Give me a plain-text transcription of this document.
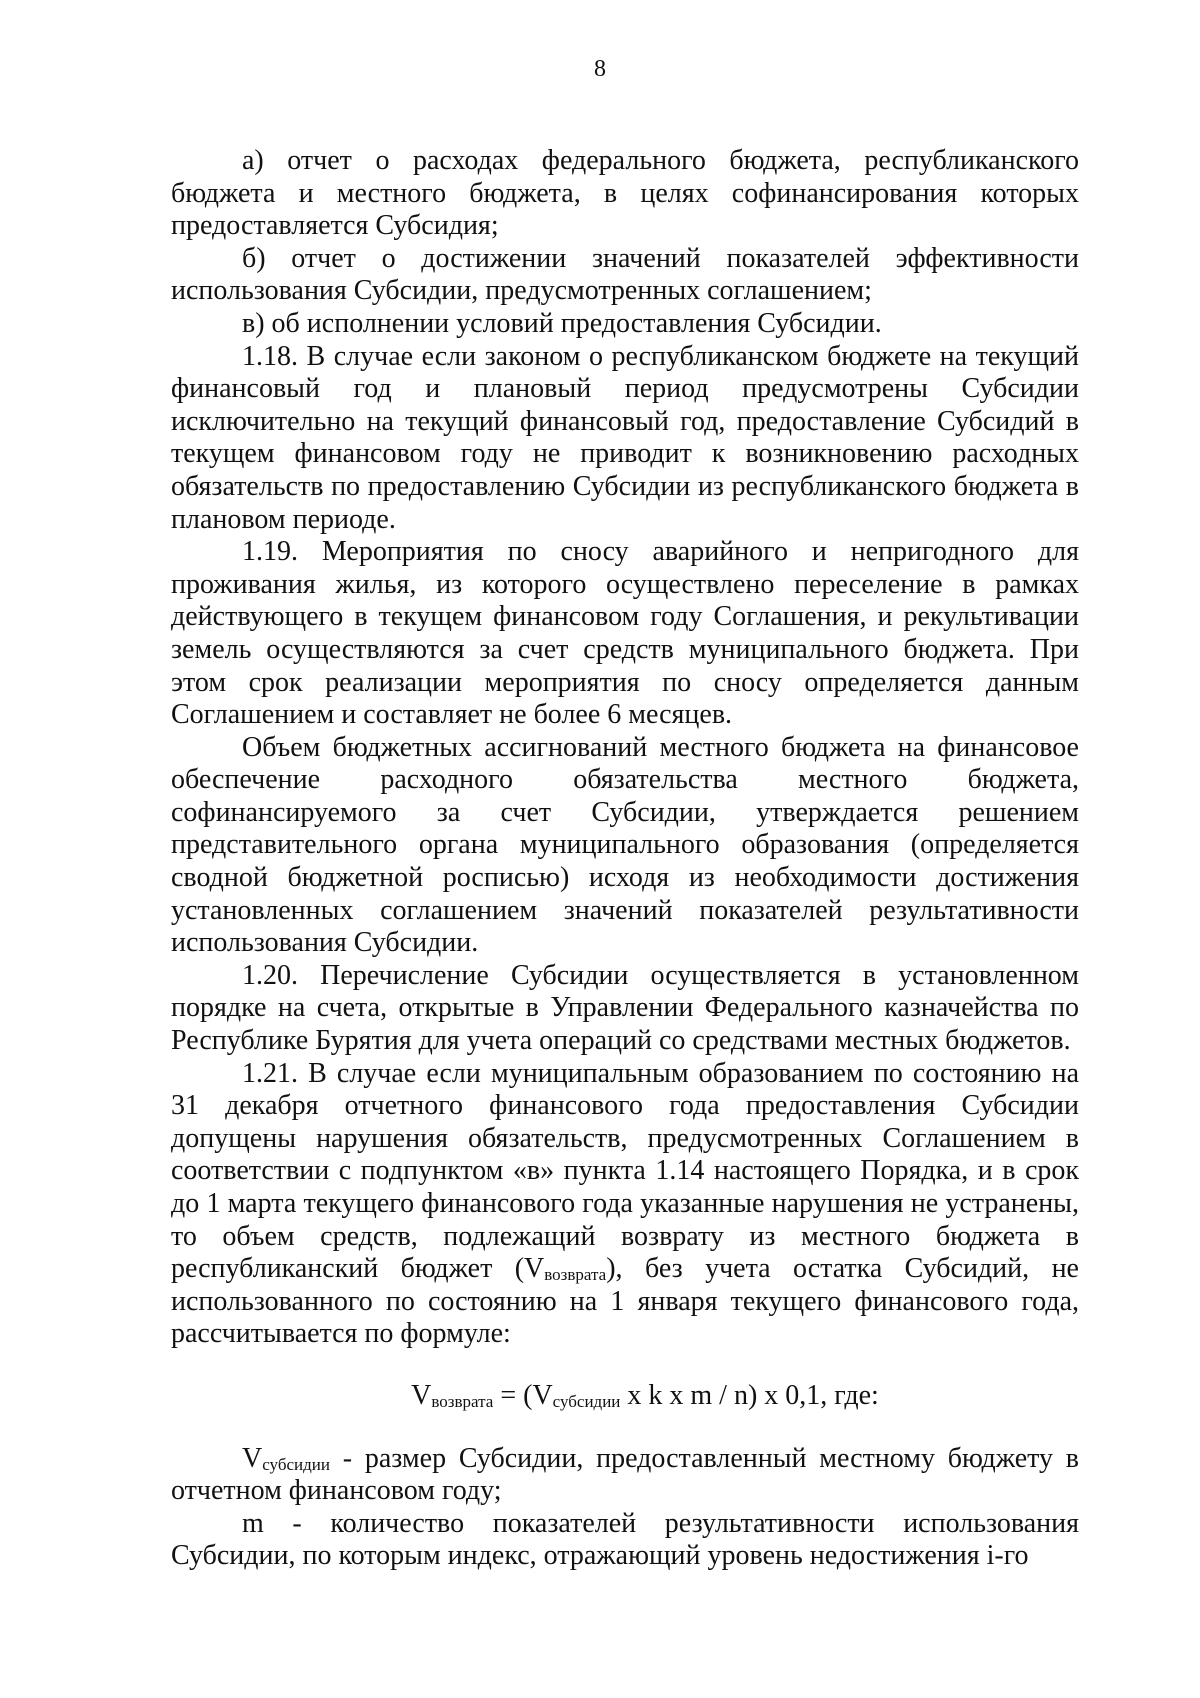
8

а) отчет о расходах федерального бюджета, республиканского бюджета и местного бюджета, в целях софинансирования которых предоставляется Субсидия;

б) отчет о достижении значений показателей эффективности использования Субсидии, предусмотренных соглашением;

в) об исполнении условий предоставления Субсидии.

1.18. В случае если законом о республиканском бюджете на текущий финансовый год и плановый период предусмотрены Субсидии исключительно на текущий финансовый год, предоставление Субсидий в текущем финансовом году не приводит к возникновению расходных обязательств по предоставлению Субсидии из республиканского бюджета в плановом периоде.

1.19. Мероприятия по сносу аварийного и непригодного для проживания жилья, из которого осуществлено переселение в рамках действующего в текущем финансовом году Соглашения, и рекультивации земель осуществляются за счет средств муниципального бюджета. При этом срок реализации мероприятия по сносу определяется данным Соглашением и составляет не более 6 месяцев.

Объем бюджетных ассигнований местного бюджета на финансовое обеспечение расходного обязательства местного бюджета, софинансируемого за счет Субсидии, утверждается решением представительного органа муниципального образования (определяется сводной бюджетной росписью) исходя из необходимости достижения установленных соглашением значений показателей результативности использования Субсидии.

1.20. Перечисление Субсидии осуществляется в установленном порядке на счета, открытые в Управлении Федерального казначейства по Республике Бурятия для учета операций со средствами местных бюджетов.

1.21. В случае если муниципальным образованием по состоянию на 31 декабря отчетного финансового года предоставления Субсидии допущены нарушения обязательств, предусмотренных Соглашением в соответствии с подпунктом «в» пункта 1.14 настоящего Порядка, и в срок до 1 марта текущего финансового года указанные нарушения не устранены, то объем средств, подлежащий возврату из местного бюджета в республиканский бюджет (Vвозврата), без учета остатка Субсидий, не использованного по состоянию на 1 января текущего финансового года, рассчитывается по формуле:

Vвозврата = (Vсубсидии x k x m / n) x 0,1, где:

Vсубсидии - размер Субсидии, предоставленный местному бюджету в отчетном финансовом году;

m - количество показателей результативности использования Субсидии, по которым индекс, отражающий уровень недостижения i-го
